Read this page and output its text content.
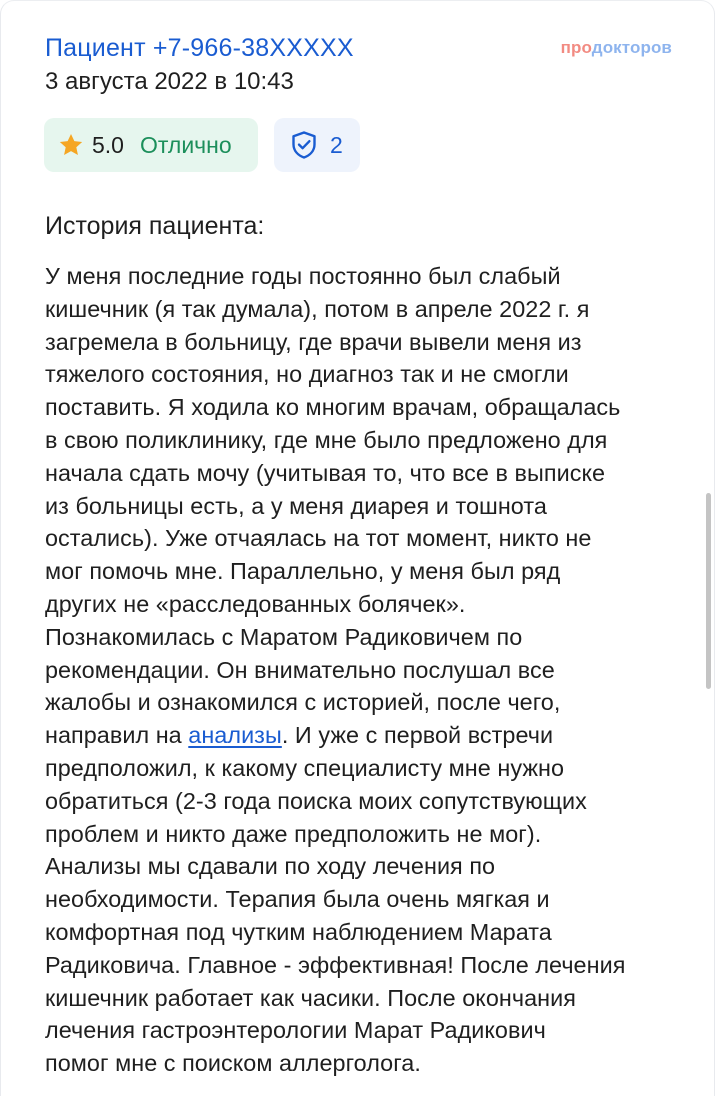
Пациент +7-966-38XXXXX	продокторов
3 августа 2022 в 10:43
5.0 Отлично	2
История пациента:
У меня последние годы постоянно был слабый
кишечник (я так думала), потом в апреле 2022 г. я
загремела в больницу, где врачи вывели меня из
тяжелого состояния, но диагноз так и не смогли
поставить. Я ходила ко многим врачам, обращалась
в свою поликлинику, где мне было предложено для
начала сдать мочу (учитывая то, что все в выписке
из больницы есть, а у меня диарея и тошнота
остались). Уже отчаялась на тот момент, никто не
мог помочь мне. Параллельно, у меня был ряд
других не «расследованных болячек».
Познакомилась с Маратом Радиковичем по
рекомендации. Он внимательно послушал все
жалобы и ознакомился с историей, после чего,
направил на анализы. И уже с первой встречи
предположил, к какому специалисту мне нужно
обратиться (2-3 года поиска моих сопутствующих
проблем и никто даже предположить не мог).
Анализы мы сдавали по ходу лечения по
необходимости. Терапия была очень мягкая и
комфортная под чутким наблюдением Марата
Радиковича. Главное - эффективная! После лечения
кишечник работает как часики. После окончания
лечения гастроэнтерологии Марат Радикович
помог мне с поиском аллерголога.
